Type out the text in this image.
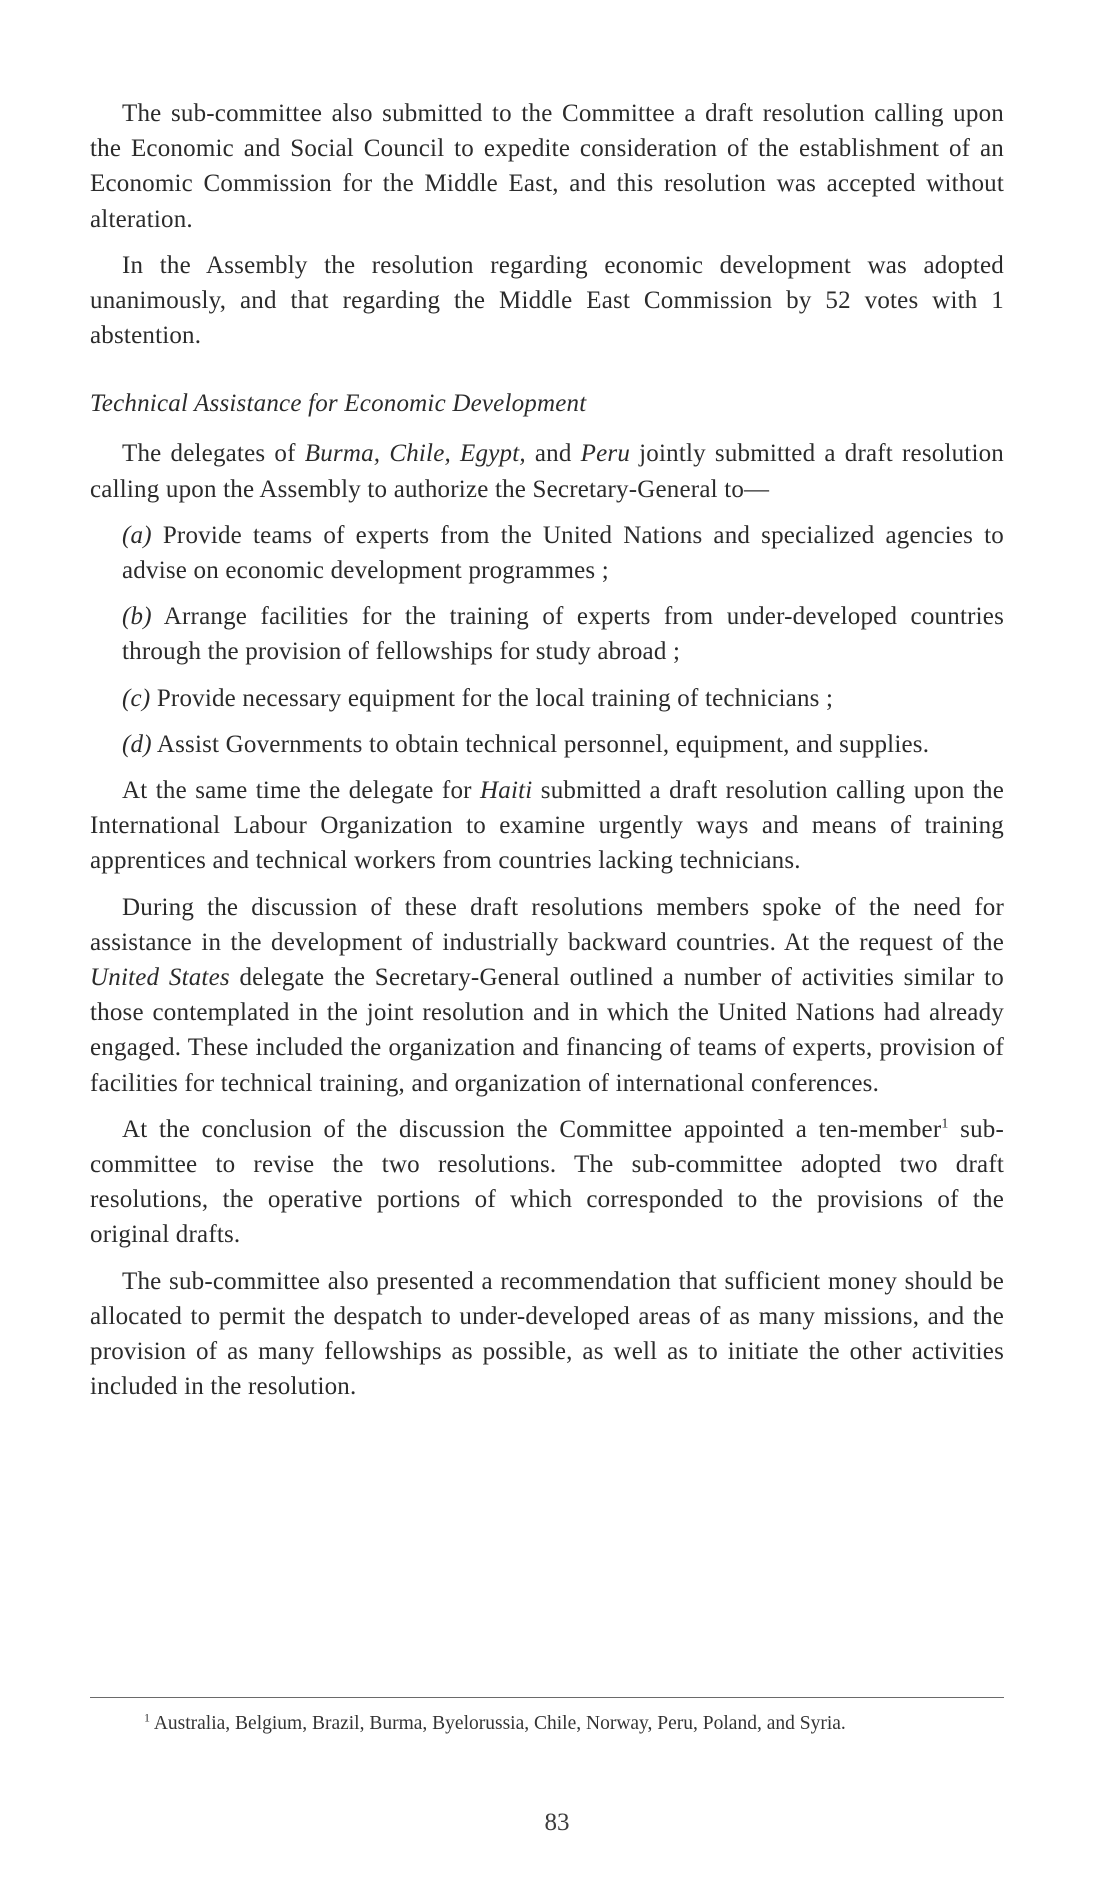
The sub-committee also submitted to the Committee a draft resolution calling upon the Economic and Social Council to expedite consideration of the establishment of an Economic Commission for the Middle East, and this resolution was accepted without alteration.

In the Assembly the resolution regarding economic development was adopted unanimously, and that regarding the Middle East Commission by 52 votes with 1 abstention.

Technical Assistance for Economic Development

The delegates of Burma, Chile, Egypt, and Peru jointly submitted a draft resolution calling upon the Assembly to authorize the Secretary-General to—

(a) Provide teams of experts from the United Nations and specialized agencies to advise on economic development programmes ;

(b) Arrange facilities for the training of experts from under-developed countries through the provision of fellowships for study abroad ;

(c) Provide necessary equipment for the local training of technicians ;

(d) Assist Governments to obtain technical personnel, equipment, and supplies.

At the same time the delegate for Haiti submitted a draft resolution calling upon the International Labour Organization to examine urgently ways and means of training apprentices and technical workers from countries lacking technicians.

During the discussion of these draft resolutions members spoke of the need for assistance in the development of industrially backward countries. At the request of the United States delegate the Secretary-General outlined a number of activities similar to those contemplated in the joint resolution and in which the United Nations had already engaged. These included the organization and financing of teams of experts, provision of facilities for technical training, and organization of international conferences.

At the conclusion of the discussion the Committee appointed a ten-member$^1$ sub-committee to revise the two resolutions. The sub-committee adopted two draft resolutions, the operative portions of which corresponded to the provisions of the original drafts.

The sub-committee also presented a recommendation that sufficient money should be allocated to permit the despatch to under-developed areas of as many missions, and the provision of as many fellowships as possible, as well as to initiate the other activities included in the resolution.

$^1$ Australia, Belgium, Brazil, Burma, Byelorussia, Chile, Norway, Peru, Poland, and Syria.
83
